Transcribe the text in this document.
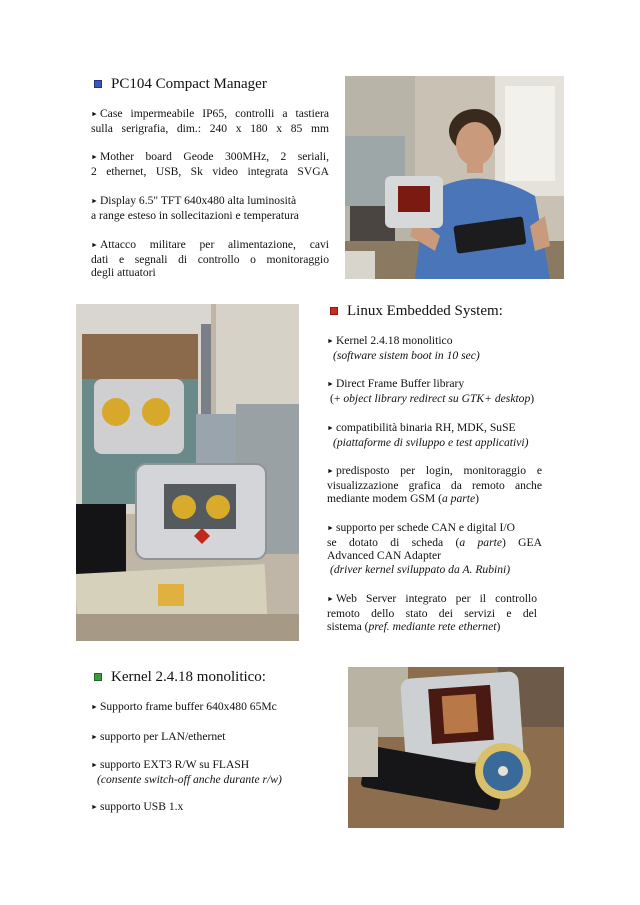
PC104 Compact Manager
► Case impermeabile IP65, controlli a tastiera
sulla serigrafia, dim.: 240 x 180 x 85 mm
► Mother board Geode 300MHz, 2 seriali,
2 ethernet, USB, Sk video integrata SVGA
► Display 6.5" TFT 640x480 alta luminosità
a range esteso in sollecitazioni e temperatura
► Attacco militare per alimentazione, cavi
dati e segnali di controllo o monitoraggio
degli attuatori
Linux Embedded System:
► Kernel 2.4.18 monolitico
(software sistem boot in 10 sec)
► Direct Frame Buffer library
(+ object library redirect su GTK+ desktop)
► compatibilità binaria RH, MDK, SuSE
(piattaforme di sviluppo e test applicativi)
► predisposto per login, monitoraggio e
visualizzazione grafica da remoto anche
mediante modem GSM (a parte)
► supporto per schede CAN e digital I/O
se dotato di scheda (a parte) GEA
Advanced CAN Adapter
(driver kernel sviluppato da A. Rubini)
► Web Server integrato per il controllo
remoto dello stato dei servizi e del
sistema (pref. mediante rete ethernet)
Kernel 2.4.18 monolitico:
► Supporto frame buffer 640x480 65Mc
► supporto per LAN/ethernet
► supporto EXT3 R/W su FLASH
(consente switch-off anche durante r/w)
► supporto USB 1.x
